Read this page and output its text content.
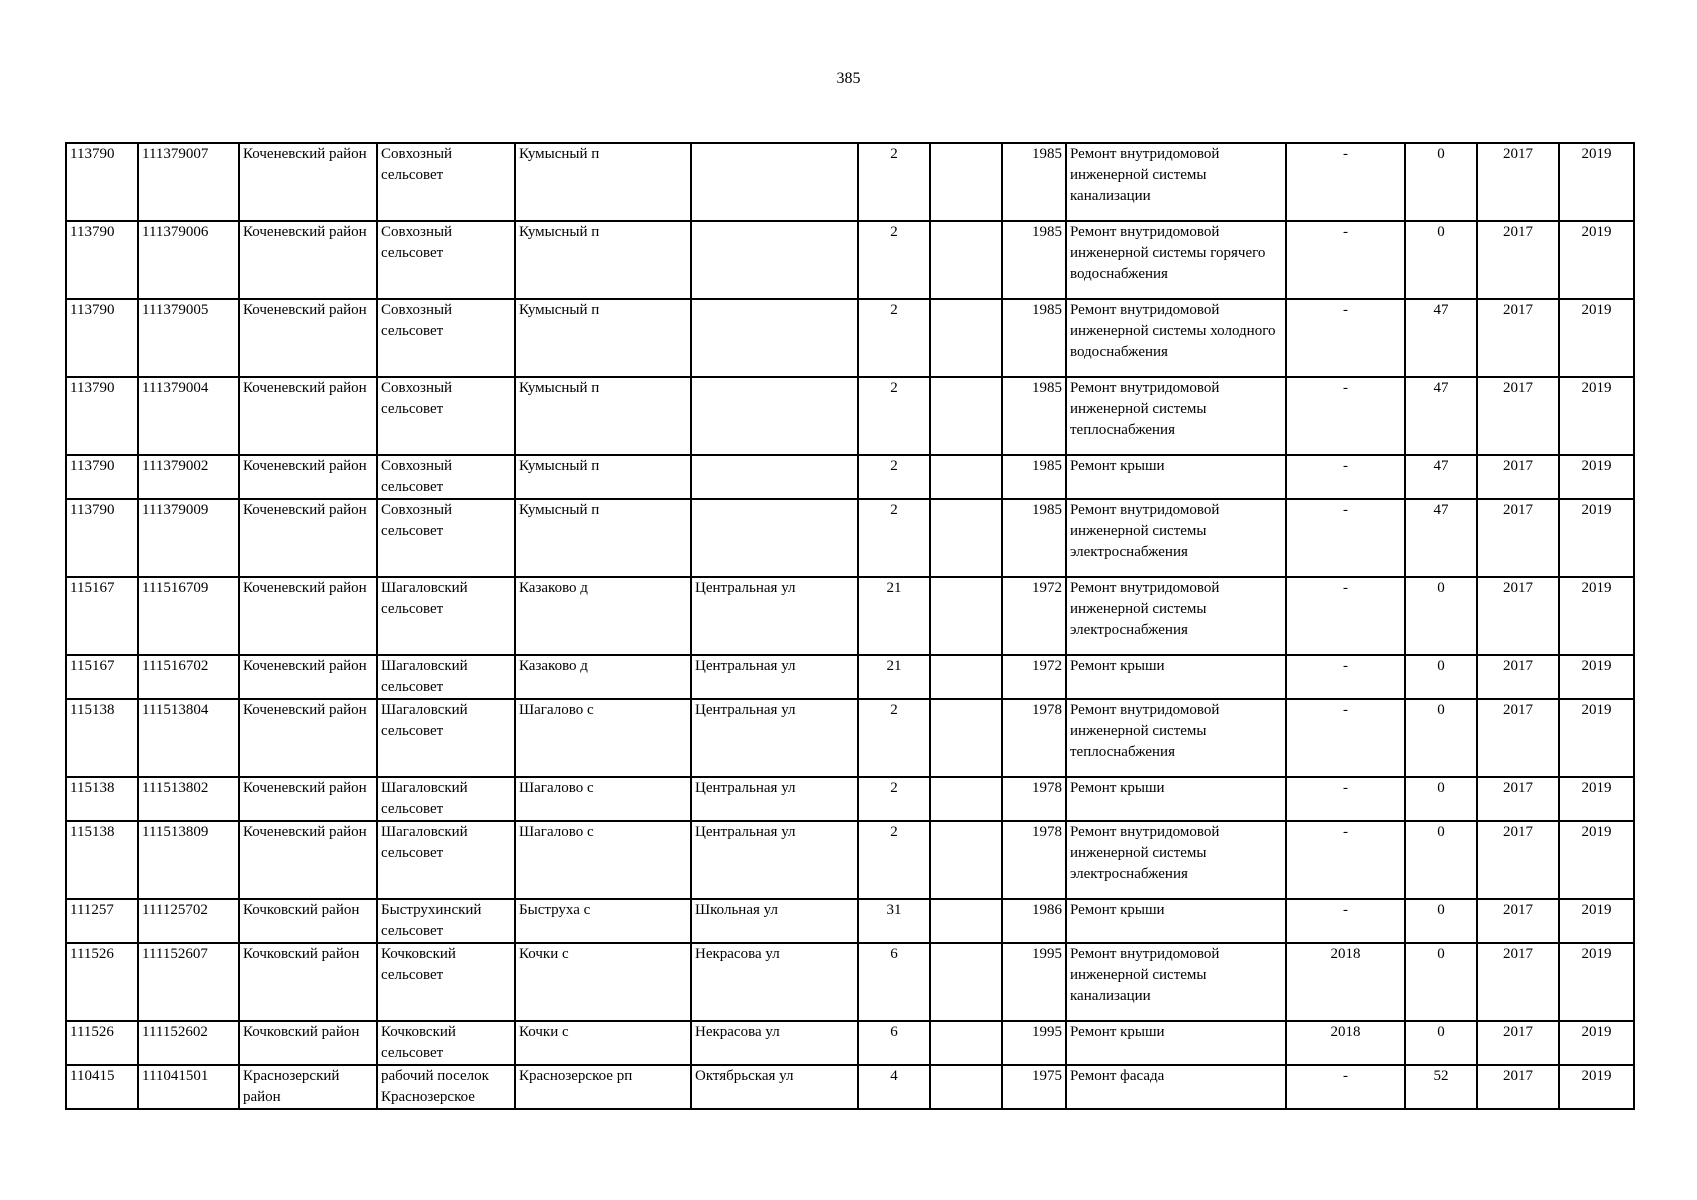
385
113790	111379007	Коченевский район	Совхозный сельсовет	Кумысный п		2		1985	Ремонт внутридомовой инженерной системы канализации	-	0	2017	2019
113790	111379006	Коченевский район	Совхозный сельсовет	Кумысный п		2		1985	Ремонт внутридомовой инженерной системы горячего водоснабжения	-	0	2017	2019
113790	111379005	Коченевский район	Совхозный сельсовет	Кумысный п		2		1985	Ремонт внутридомовой инженерной системы холодного водоснабжения	-	47	2017	2019
113790	111379004	Коченевский район	Совхозный сельсовет	Кумысный п		2		1985	Ремонт внутридомовой инженерной системы теплоснабжения	-	47	2017	2019
113790	111379002	Коченевский район	Совхозный сельсовет	Кумысный п		2		1985	Ремонт крыши	-	47	2017	2019
113790	111379009	Коченевский район	Совхозный сельсовет	Кумысный п		2		1985	Ремонт внутридомовой инженерной системы электроснабжения	-	47	2017	2019
115167	111516709	Коченевский район	Шагаловский сельсовет	Казаково д	Центральная ул	21		1972	Ремонт внутридомовой инженерной системы электроснабжения	-	0	2017	2019
115167	111516702	Коченевский район	Шагаловский сельсовет	Казаково д	Центральная ул	21		1972	Ремонт крыши	-	0	2017	2019
115138	111513804	Коченевский район	Шагаловский сельсовет	Шагалово с	Центральная ул	2		1978	Ремонт внутридомовой инженерной системы теплоснабжения	-	0	2017	2019
115138	111513802	Коченевский район	Шагаловский сельсовет	Шагалово с	Центральная ул	2		1978	Ремонт крыши	-	0	2017	2019
115138	111513809	Коченевский район	Шагаловский сельсовет	Шагалово с	Центральная ул	2		1978	Ремонт внутридомовой инженерной системы электроснабжения	-	0	2017	2019
111257	111125702	Кочковский район	Быструхинский сельсовет	Быструха с	Школьная ул	31		1986	Ремонт крыши	-	0	2017	2019
111526	111152607	Кочковский район	Кочковский сельсовет	Кочки с	Некрасова ул	6		1995	Ремонт внутридомовой инженерной системы канализации	2018	0	2017	2019
111526	111152602	Кочковский район	Кочковский сельсовет	Кочки с	Некрасова ул	6		1995	Ремонт крыши	2018	0	2017	2019
110415	111041501	Краснозерский район	рабочий поселок Краснозерское	Краснозерское рп	Октябрьская ул	4		1975	Ремонт фасада	-	52	2017	2019
